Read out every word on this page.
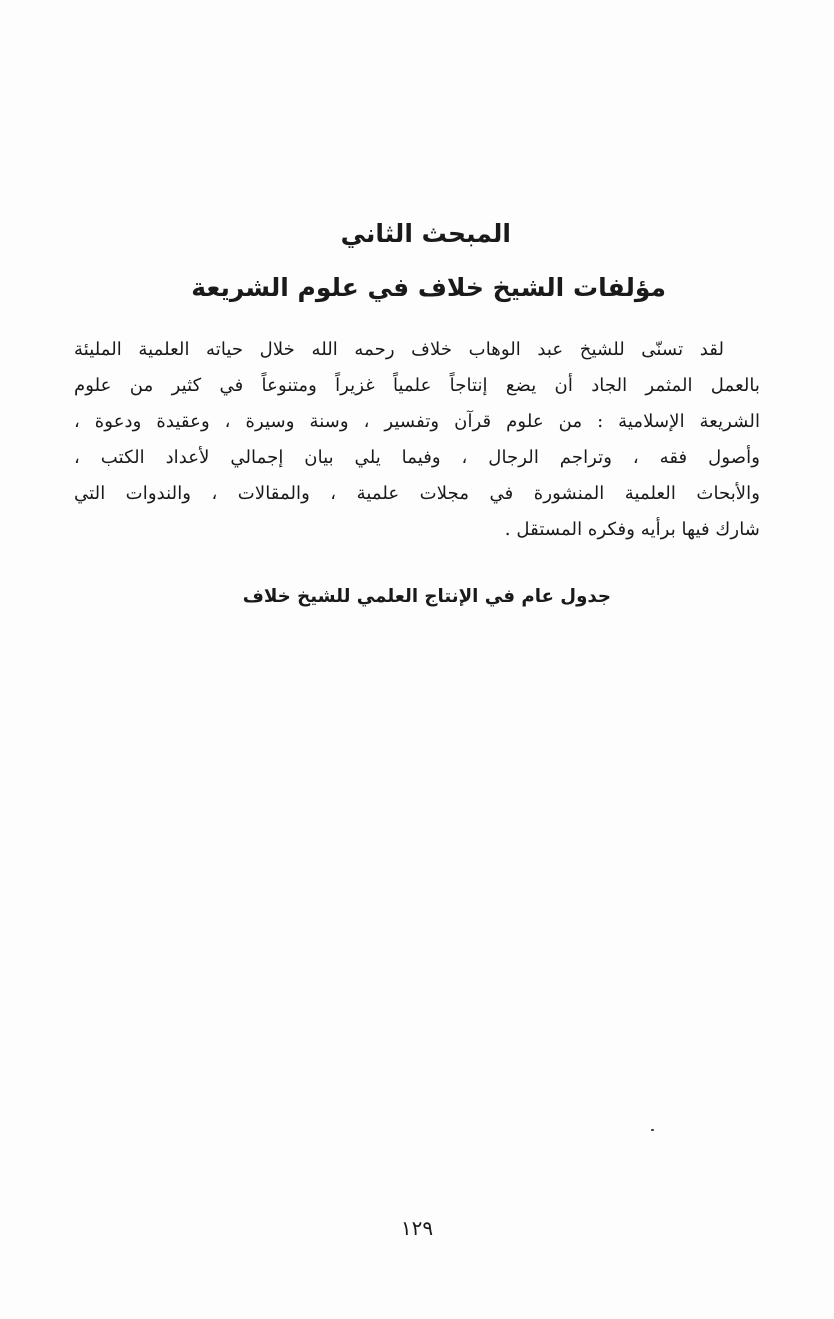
المبحث الثاني
مؤلفات الشيخ خلاف في علوم الشريعة
لقد تسنّى للشيخ عبد الوهاب خلاف رحمه الله خلال حياته العلمية المليئة
بالعمل المثمر الجاد أن يضع إنتاجاً علمياً غزيراً ومتنوعاً في كثير من علوم
الشريعة الإسلامية : من علوم قرآن وتفسير ، وسنة وسيرة ، وعقيدة ودعوة ،
وأصول فقه ، وتراجم الرجال ، وفيما يلي بيان إجمالي لأعداد الكتب ،
والأبحاث العلمية المنشورة في مجلات علمية ، والمقالات ، والندوات التي
شارك فيها برأيه وفكره المستقل .
جدول عام في الإنتاج العلمي للشيخ خلاف
١٢٩
